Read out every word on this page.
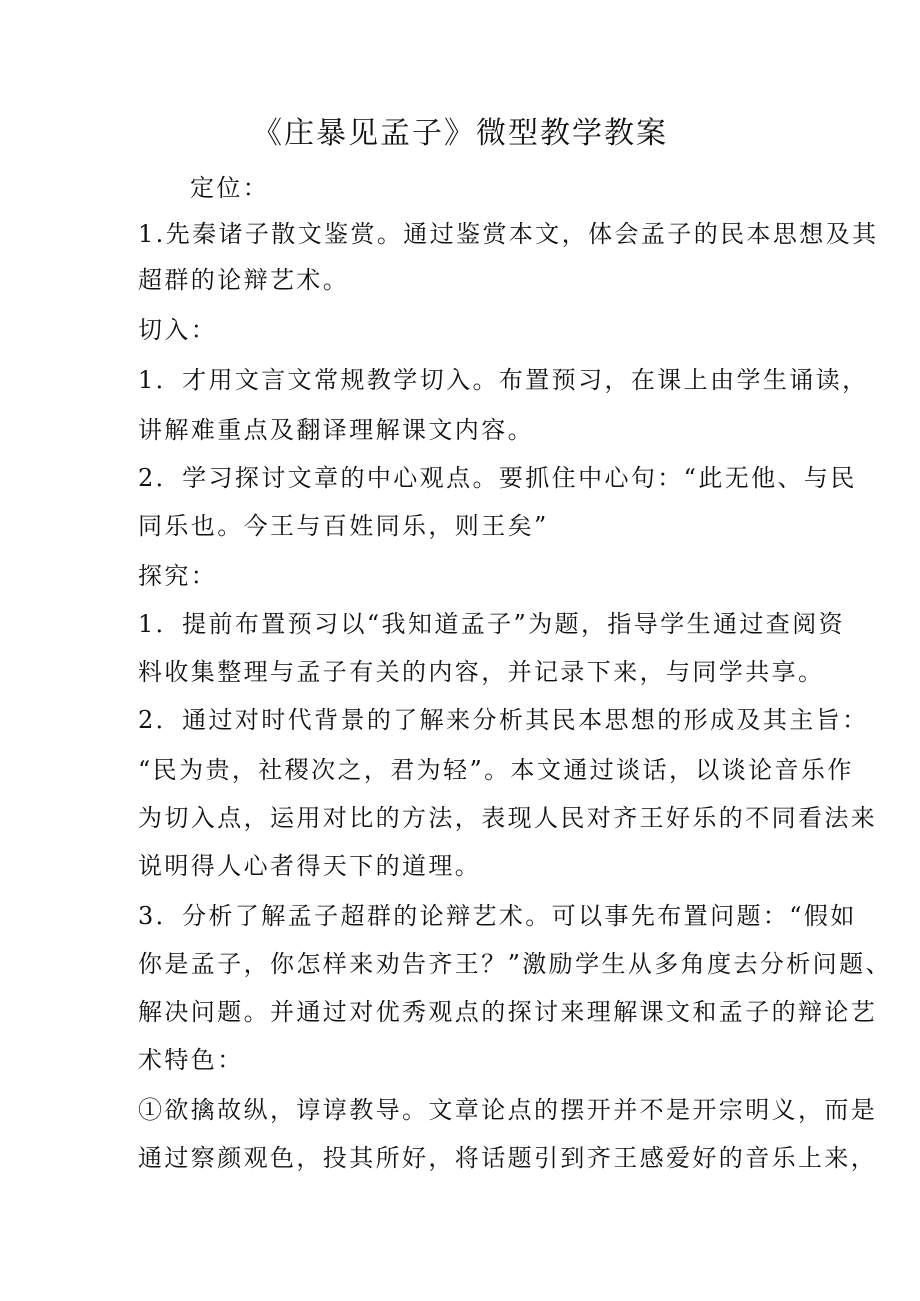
《庄暴见孟子》微型教学教案
定位：
1.先秦诸子散文鉴赏。通过鉴赏本文，体会孟子的民本思想及其
超群的论辩艺术。
切入：
1．才用文言文常规教学切入。布置预习，在课上由学生诵读，
讲解难重点及翻译理解课文内容。
2．学习探讨文章的中心观点。要抓住中心句：“此无他、与民
同乐也。今王与百姓同乐，则王矣”
探究：
1．提前布置预习以“我知道孟子”为题，指导学生通过查阅资
料收集整理与孟子有关的内容，并记录下来，与同学共享。
2．通过对时代背景的了解来分析其民本思想的形成及其主旨：
“民为贵，社稷次之，君为轻”。本文通过谈话，以谈论音乐作
为切入点，运用对比的方法，表现人民对齐王好乐的不同看法来
说明得人心者得天下的道理。
3．分析了解孟子超群的论辩艺术。可以事先布置问题：“假如
你是孟子，你怎样来劝告齐王？”激励学生从多角度去分析问题、
解决问题。并通过对优秀观点的探讨来理解课文和孟子的辩论艺
术特色：
①欲擒故纵，谆谆教导。文章论点的摆开并不是开宗明义，而是
通过察颜观色，投其所好，将话题引到齐王感爱好的音乐上来，
